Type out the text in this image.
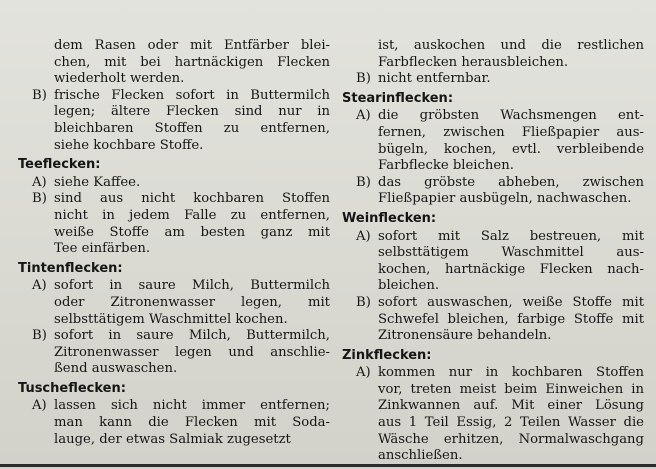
dem Rasen oder mit Entfärber blei-
chen, mit bei hartnäckigen Flecken
wiederholt werden.
B) frische Flecken sofort in Buttermilch
legen; ältere Flecken sind nur in
bleichbaren Stoffen zu entfernen,
siehe kochbare Stoffe.
Teeflecken:
A) siehe Kaffee.
B) sind aus nicht kochbaren Stoffen
nicht in jedem Falle zu entfernen,
weiße Stoffe am besten ganz mit
Tee einfärben.
Tintenflecken:
A) sofort in saure Milch, Buttermilch
oder Zitronenwasser legen, mit
selbsttätigem Waschmittel kochen.
B) sofort in saure Milch, Buttermilch,
Zitronenwasser legen und anschlie-
ßend auswaschen.
Tuscheflecken:
A) lassen sich nicht immer entfernen;
man kann die Flecken mit Soda-
lauge, der etwas Salmiak zugesetzt
ist, auskochen und die restlichen
Farbflecken herausbleichen.
B) nicht entfernbar.
Stearinflecken:
A) die gröbsten Wachsmengen ent-
fernen, zwischen Fließpapier aus-
bügeln, kochen, evtl. verbleibende
Farbflecke bleichen.
B) das gröbste abheben, zwischen
Fließpapier ausbügeln, nachwaschen.
Weinflecken:
A) sofort mit Salz bestreuen, mit
selbsttätigem Waschmittel aus-
kochen, hartnäckige Flecken nach-
bleichen.
B) sofort auswaschen, weiße Stoffe mit
Schwefel bleichen, farbige Stoffe mit
Zitronensäure behandeln.
Zinkflecken:
A) kommen nur in kochbaren Stoffen
vor, treten meist beim Einweichen in
Zinkwannen auf. Mit einer Lösung
aus 1 Teil Essig, 2 Teilen Wasser die
Wäsche erhitzen, Normalwaschgang
anschließen.
